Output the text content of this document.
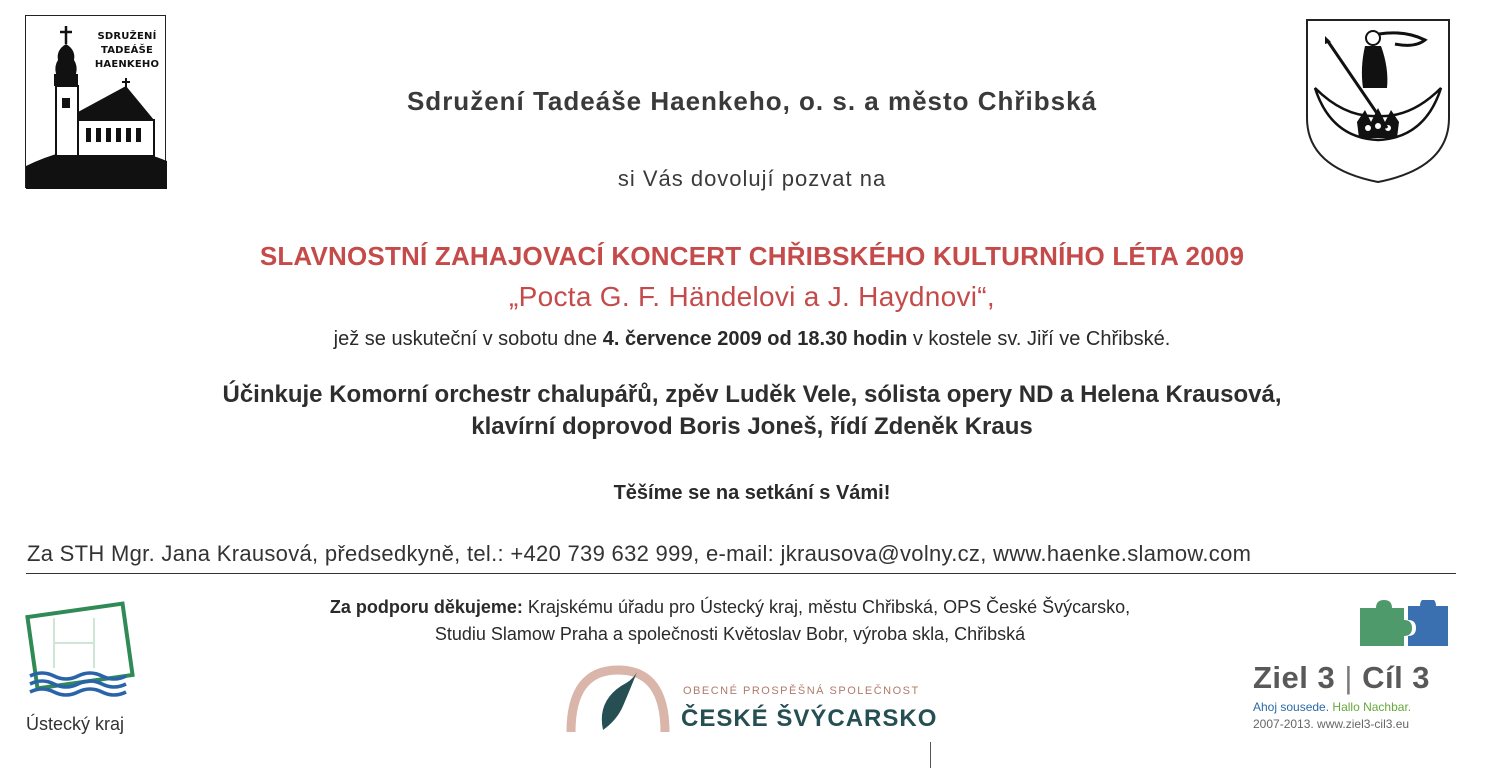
SDRUŽENÍ
TADEÁŠE
HAENKEHO
Sdružení Tadeáše Haenkeho, o. s. a město Chřibská
si Vás dovolují pozvat na
SLAVNOSTNÍ ZAHAJOVACÍ KONCERT CHŘIBSKÉHO KULTURNÍHO LÉTA 2009
„Pocta G. F. Händelovi a J. Haydnovi“,
jež se uskuteční v sobotu dne 4. července 2009 od 18.30 hodin v kostele sv. Jiří ve Chřibské.
Účinkuje Komorní orchestr chalupářů, zpěv Luděk Vele, sólista opery ND a Helena Krausová,
klavírní doprovod Boris Joneš, řídí Zdeněk Kraus
Těšíme se na setkání s Vámi!
Za STH Mgr. Jana Krausová, předsedkyně, tel.: +420 739 632 999, e-mail: jkrausova@volny.cz, www.haenke.slamow.com
Za podporu děkujeme: Krajskému úřadu pro Ústecký kraj, městu Chřibská, OPS České Švýcarsko,
Studiu Slamow Praha a společnosti Květoslav Bobr, výroba skla, Chřibská
Ústecký kraj
OBECNÉ PROSPĚŠNÁ SPOLEČNOST
ČESKÉ ŠVÝCARSKO
Ziel 3 | Cíl 3
Ahoj sousede. Hallo Nachbar.
2007-2013. www.ziel3-cil3.eu
